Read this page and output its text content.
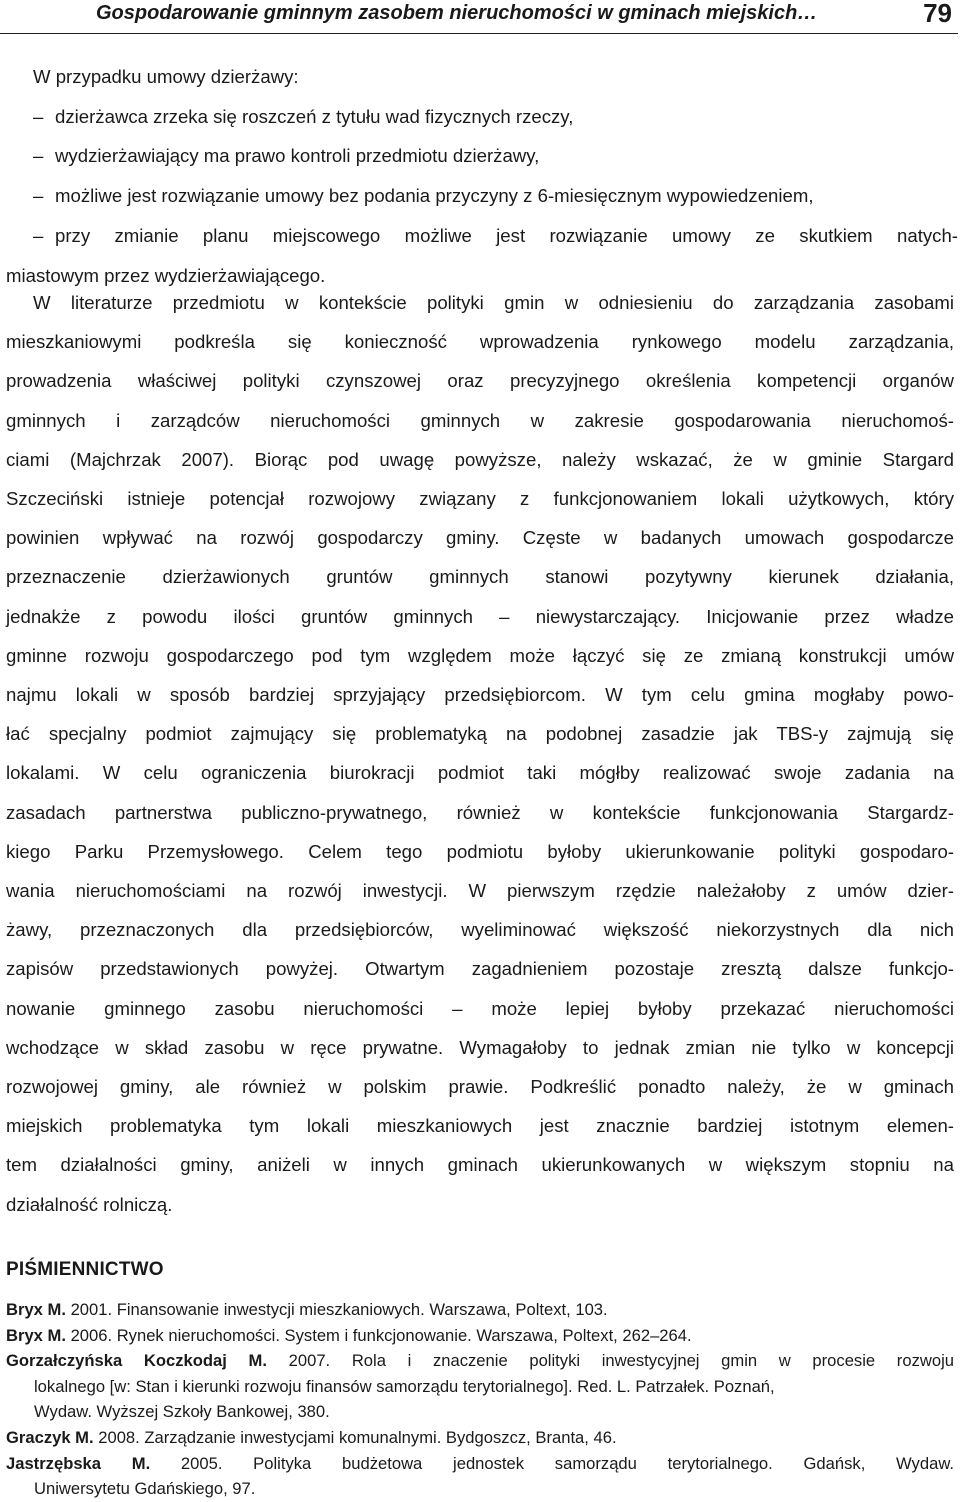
Gospodarowanie gminnym zasobem nieruchomości w gminach miejskich…	79
W przypadku umowy dzierżawy:
– dzierżawca zrzeka się roszczeń z tytułu wad fizycznych rzeczy,
– wydzierżawiający ma prawo kontroli przedmiotu dzierżawy,
– możliwe jest rozwiązanie umowy bez podania przyczyny z 6-miesięcznym wypowiedzeniem,
– przy zmianie planu miejscowego możliwe jest rozwiązanie umowy ze skutkiem natych-
miastowym przez wydzierżawiającego.
W literaturze przedmiotu w kontekście polityki gmin w odniesieniu do zarządzania zasobami
mieszkaniowymi podkreśla się konieczność wprowadzenia rynkowego modelu zarządzania,
prowadzenia właściwej polityki czynszowej oraz precyzyjnego określenia kompetencji organów
gminnych i zarządców nieruchomości gminnych w zakresie gospodarowania nieruchomoś-
ciami (Majchrzak 2007). Biorąc pod uwagę powyższe, należy wskazać, że w gminie Stargard
Szczeciński istnieje potencjał rozwojowy związany z funkcjonowaniem lokali użytkowych, który
powinien wpływać na rozwój gospodarczy gminy. Częste w badanych umowach gospodarcze
przeznaczenie dzierżawionych gruntów gminnych stanowi pozytywny kierunek działania,
jednakże z powodu ilości gruntów gminnych – niewystarczający. Inicjowanie przez władze
gminne rozwoju gospodarczego pod tym względem może łączyć się ze zmianą konstrukcji umów
najmu lokali w sposób bardziej sprzyjający przedsiębiorcom. W tym celu gmina mogłaby powo-
łać specjalny podmiot zajmujący się problematyką na podobnej zasadzie jak TBS-y zajmują się
lokalami. W celu ograniczenia biurokracji podmiot taki mógłby realizować swoje zadania na
zasadach partnerstwa publiczno-prywatnego, również w kontekście funkcjonowania Stargardz-
kiego Parku Przemysłowego. Celem tego podmiotu byłoby ukierunkowanie polityki gospodaro-
wania nieruchomościami na rozwój inwestycji. W pierwszym rzędzie należałoby z umów dzier-
żawy, przeznaczonych dla przedsiębiorców, wyeliminować większość niekorzystnych dla nich
zapisów przedstawionych powyżej. Otwartym zagadnieniem pozostaje zresztą dalsze funkcjo-
nowanie gminnego zasobu nieruchomości – może lepiej byłoby przekazać nieruchomości
wchodzące w skład zasobu w ręce prywatne. Wymagałoby to jednak zmian nie tylko w koncepcji
rozwojowej gminy, ale również w polskim prawie. Podkreślić ponadto należy, że w gminach
miejskich problematyka tym lokali mieszkaniowych jest znacznie bardziej istotnym elemen-
tem działalności gminy, aniżeli w innych gminach ukierunkowanych w większym stopniu na
działalność rolniczą.
PIŚMIENNICTWO
Bryx M. 2001. Finansowanie inwestycji mieszkaniowych. Warszawa, Poltext, 103.
Bryx M. 2006. Rynek nieruchomości. System i funkcjonowanie. Warszawa, Poltext, 262–264.
Gorzałczyńska Koczkodaj M. 2007. Rola i znaczenie polityki inwestycyjnej gmin w procesie rozwoju
lokalnego [w: Stan i kierunki rozwoju finansów samorządu terytorialnego]. Red. L. Patrzałek. Poznań,
Wydaw. Wyższej Szkoły Bankowej, 380.
Graczyk M. 2008. Zarządzanie inwestycjami komunalnymi. Bydgoszcz, Branta, 46.
Jastrzębska M. 2005. Polityka budżetowa jednostek samorządu terytorialnego. Gdańsk, Wydaw.
Uniwersytetu Gdańskiego, 97.
